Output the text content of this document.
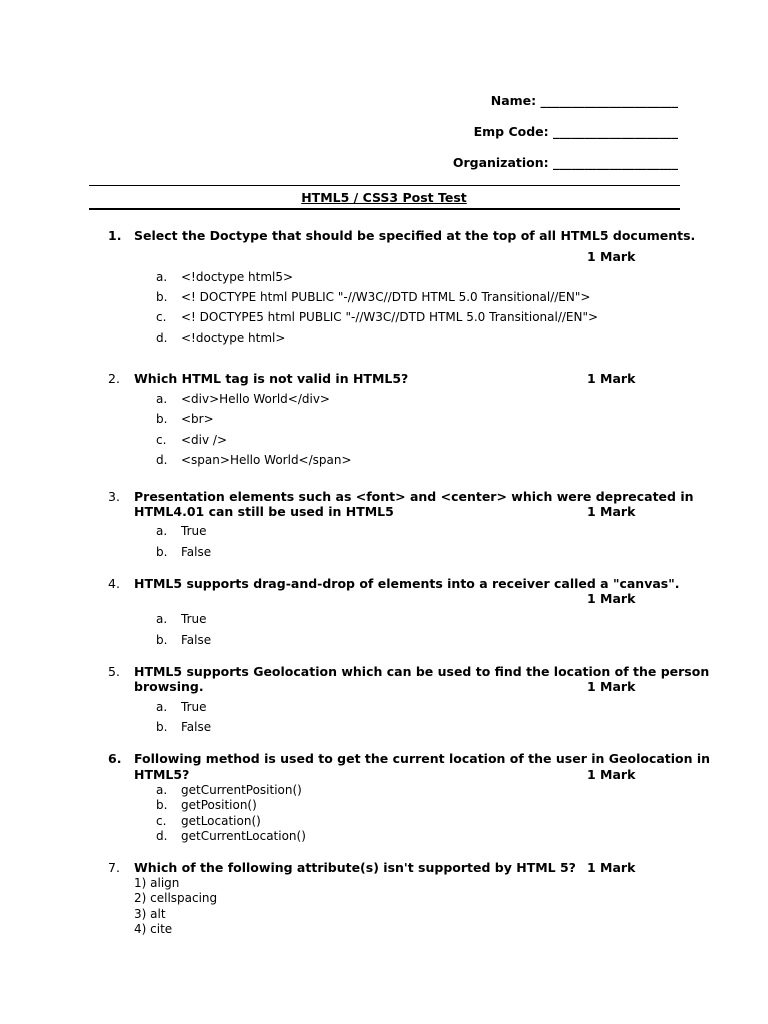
Name: ______________________
Emp Code: ____________________
Organization: ____________________
HTML5 / CSS3 Post Test
1. Select the Doctype that should be specified at the top of all HTML5 documents.
1 Mark
a. <!doctype html5>
b. <! DOCTYPE html PUBLIC "-//W3C//DTD HTML 5.0 Transitional//EN">
c. <! DOCTYPE5 html PUBLIC "-//W3C//DTD HTML 5.0 Transitional//EN">
d. <!doctype html>
2. Which HTML tag is not valid in HTML5?	1 Mark
a. <div>Hello World</div>
b. <br>
c. <div />
d. <span>Hello World</span>
3. Presentation elements such as <font> and <center> which were deprecated in
HTML4.01 can still be used in HTML5	1 Mark
a. True
b. False
4. HTML5 supports drag-and-drop of elements into a receiver called a "canvas".
1 Mark
a. True
b. False
5. HTML5 supports Geolocation which can be used to find the location of the person
browsing.	1 Mark
a. True
b. False
6. Following method is used to get the current location of the user in Geolocation in
HTML5?	1 Mark
a. getCurrentPosition()
b. getPosition()
c. getLocation()
d. getCurrentLocation()
7. Which of the following attribute(s) isn't supported by HTML 5? 1 Mark
1) align
2) cellspacing
3) alt
4) cite
